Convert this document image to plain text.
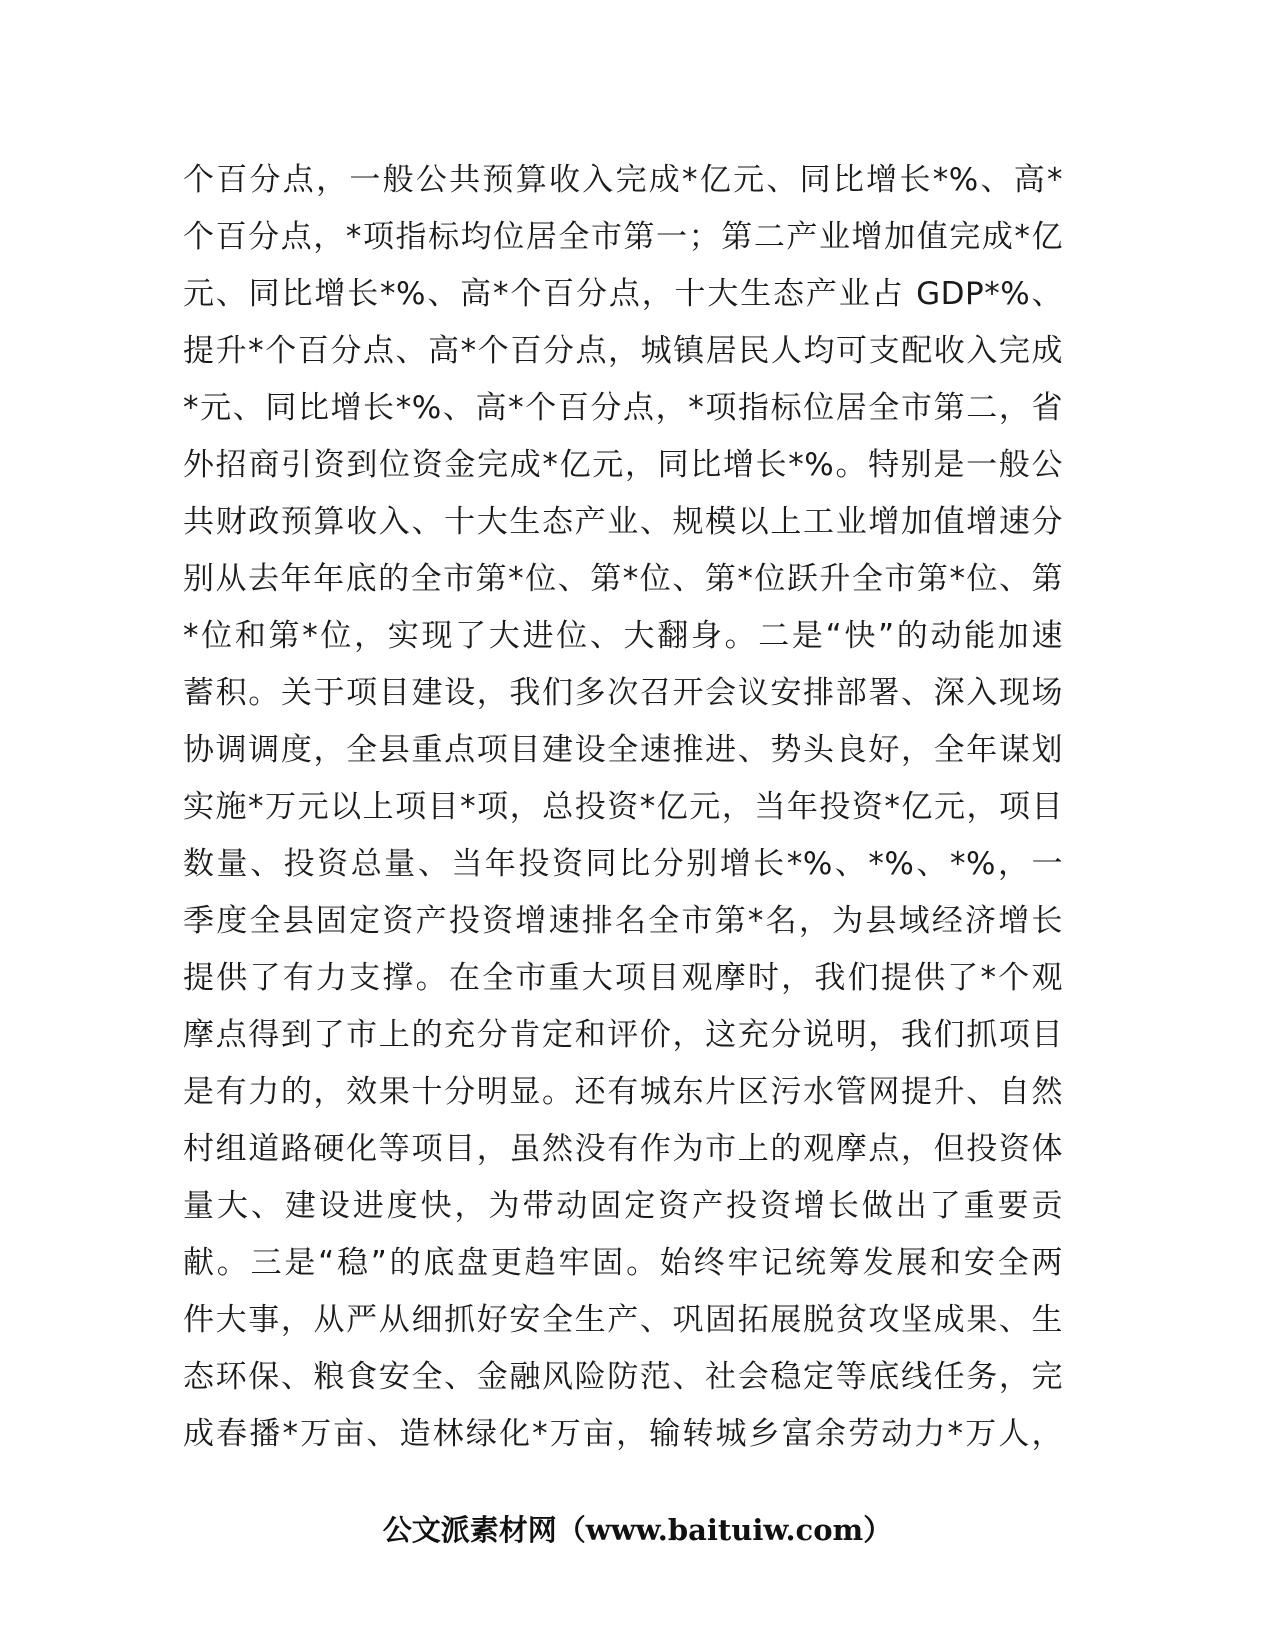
个百分点，一般公共预算收入完成*亿元、同比增长*%、高*
个百分点，*项指标均位居全市第一；第二产业增加值完成*亿
元、同比增长*%、高*个百分点，十大生态产业占 GDP*%、
提升*个百分点、高*个百分点，城镇居民人均可支配收入完成
*元、同比增长*%、高*个百分点，*项指标位居全市第二，省
外招商引资到位资金完成*亿元，同比增长*%。特别是一般公
共财政预算收入、十大生态产业、规模以上工业增加值增速分
别从去年年底的全市第*位、第*位、第*位跃升全市第*位、第
*位和第*位，实现了大进位、大翻身。二是“快”的动能加速
蓄积。关于项目建设，我们多次召开会议安排部署、深入现场
协调调度，全县重点项目建设全速推进、势头良好，全年谋划
实施*万元以上项目*项，总投资*亿元，当年投资*亿元，项目
数量、投资总量、当年投资同比分别增长*%、*%、*%，一
季度全县固定资产投资增速排名全市第*名，为县域经济增长
提供了有力支撑。在全市重大项目观摩时，我们提供了*个观
摩点得到了市上的充分肯定和评价，这充分说明，我们抓项目
是有力的，效果十分明显。还有城东片区污水管网提升、自然
村组道路硬化等项目，虽然没有作为市上的观摩点，但投资体
量大、建设进度快，为带动固定资产投资增长做出了重要贡
献。三是“稳”的底盘更趋牢固。始终牢记统筹发展和安全两
件大事，从严从细抓好安全生产、巩固拓展脱贫攻坚成果、生
态环保、粮食安全、金融风险防范、社会稳定等底线任务，完
成春播*万亩、造林绿化*万亩，输转城乡富余劳动力*万人，
公文派素材网（www.baituiw.com）
